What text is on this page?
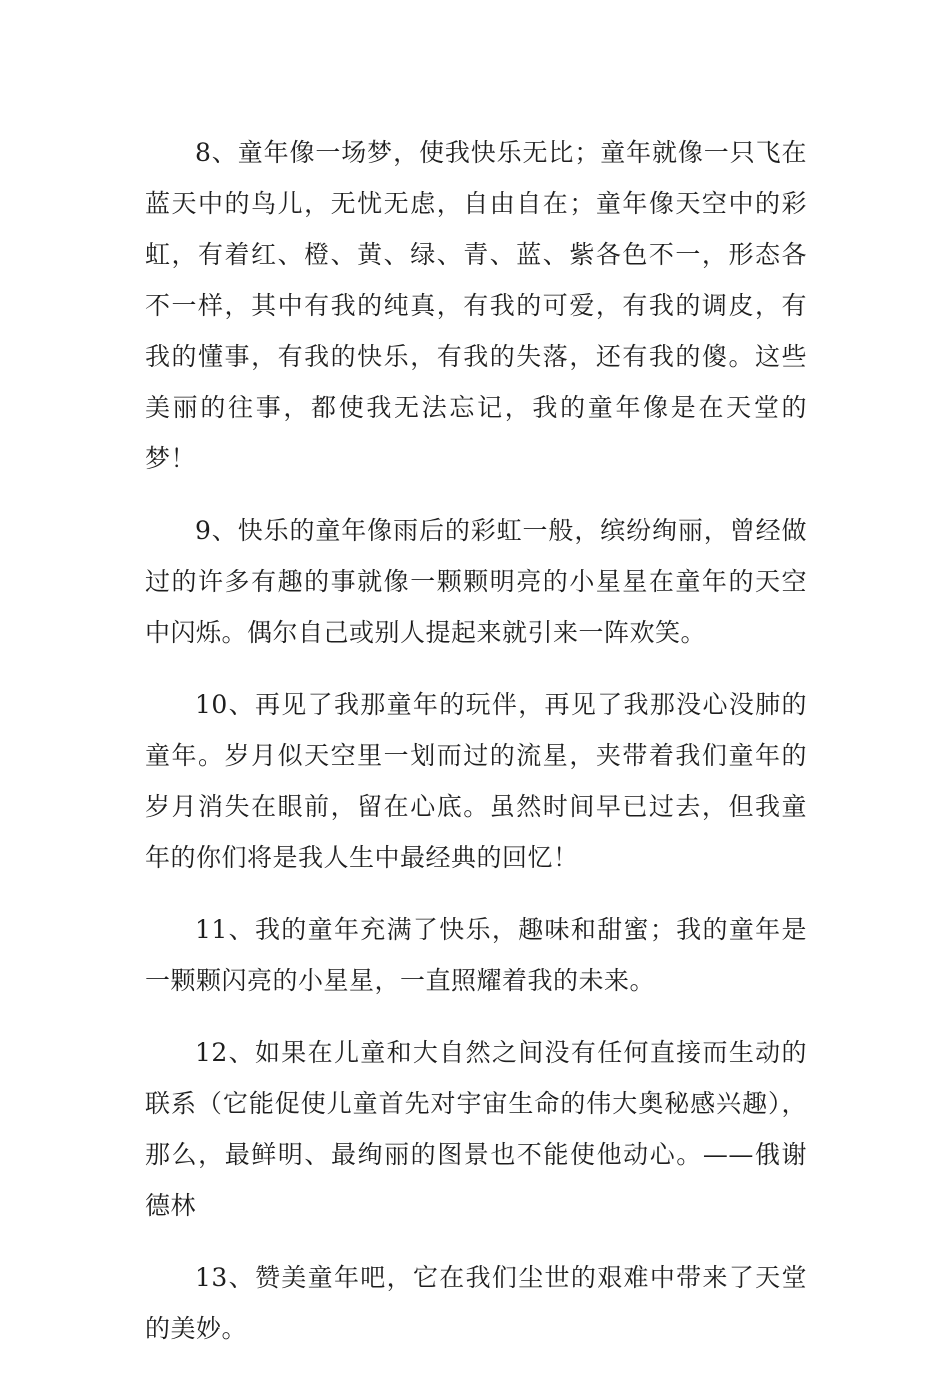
8、童年像一场梦，使我快乐无比；童年就像一只飞在蓝天中的鸟儿，无忧无虑，自由自在；童年像天空中的彩虹，有着红、橙、黄、绿、青、蓝、紫各色不一，形态各不一样，其中有我的纯真，有我的可爱，有我的调皮，有我的懂事，有我的快乐，有我的失落，还有我的傻。这些美丽的往事，都使我无法忘记，我的童年像是在天堂的梦！

9、快乐的童年像雨后的彩虹一般，缤纷绚丽，曾经做过的许多有趣的事就像一颗颗明亮的小星星在童年的天空中闪烁。偶尔自己或别人提起来就引来一阵欢笑。

10、再见了我那童年的玩伴，再见了我那没心没肺的童年。岁月似天空里一划而过的流星，夹带着我们童年的岁月消失在眼前，留在心底。虽然时间早已过去，但我童年的你们将是我人生中最经典的回忆！

11、我的童年充满了快乐，趣味和甜蜜；我的童年是一颗颗闪亮的小星星，一直照耀着我的未来。

12、如果在儿童和大自然之间没有任何直接而生动的联系（它能促使儿童首先对宇宙生命的伟大奥秘感兴趣），那么，最鲜明、最绚丽的图景也不能使他动心。——俄谢德林

13、赞美童年吧，它在我们尘世的艰难中带来了天堂的美妙。
